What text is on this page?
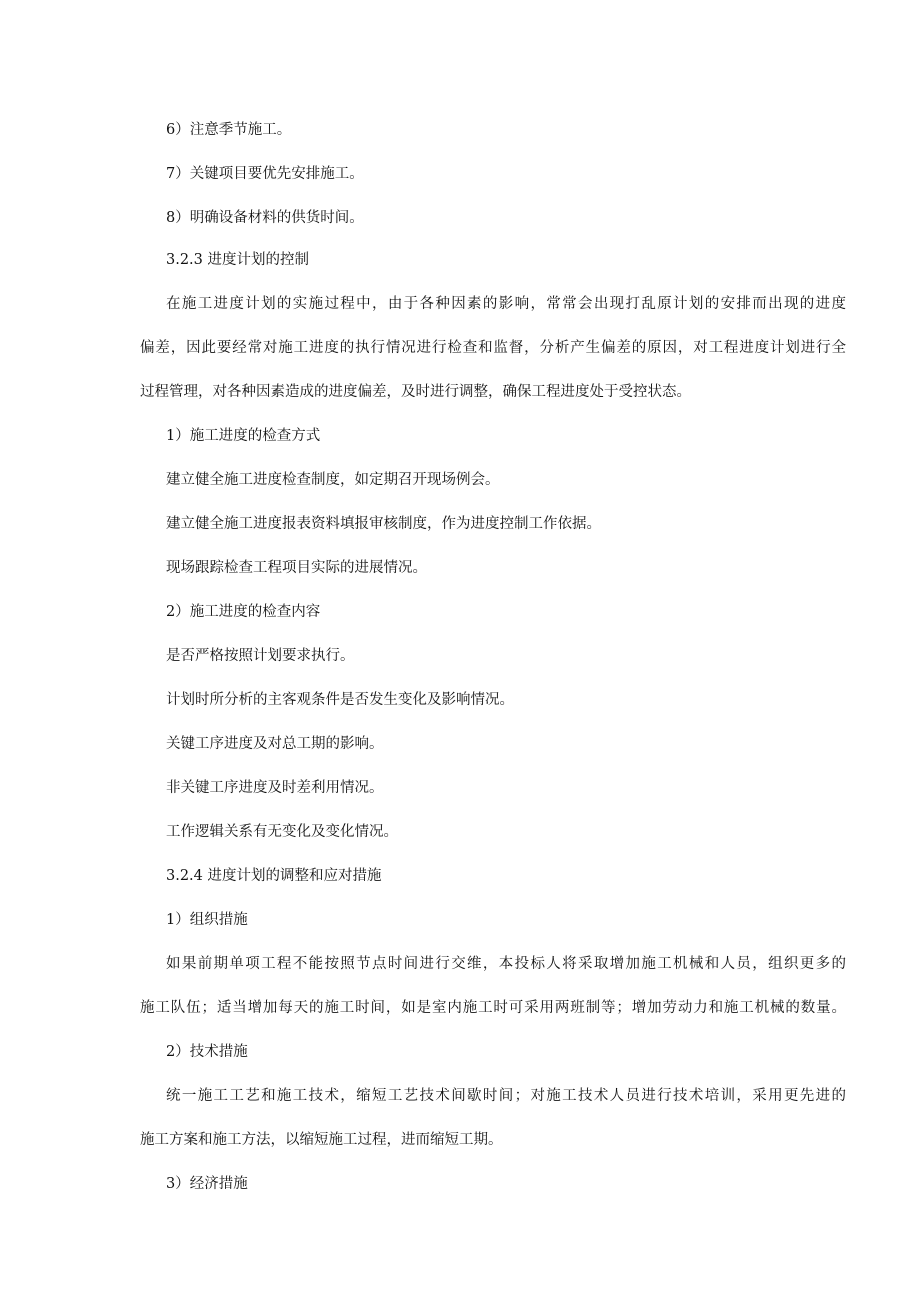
6）注意季节施工。
7）关键项目要优先安排施工。
8）明确设备材料的供货时间。
3.2.3 进度计划的控制
在施工进度计划的实施过程中，由于各种因素的影响，常常会出现打乱原计划的安排而出现的进度
偏差，因此要经常对施工进度的执行情况进行检查和监督，分析产生偏差的原因，对工程进度计划进行全
过程管理，对各种因素造成的进度偏差，及时进行调整，确保工程进度处于受控状态。
1）施工进度的检查方式
建立健全施工进度检查制度，如定期召开现场例会。
建立健全施工进度报表资料填报审核制度，作为进度控制工作依据。
现场跟踪检查工程项目实际的进展情况。
2）施工进度的检查内容
是否严格按照计划要求执行。
计划时所分析的主客观条件是否发生变化及影响情况。
关键工序进度及对总工期的影响。
非关键工序进度及时差利用情况。
工作逻辑关系有无变化及变化情况。
3.2.4 进度计划的调整和应对措施
1）组织措施
如果前期单项工程不能按照节点时间进行交维，本投标人将采取增加施工机械和人员，组织更多的
施工队伍；适当增加每天的施工时间，如是室内施工时可采用两班制等；增加劳动力和施工机械的数量。
2）技术措施
统一施工工艺和施工技术，缩短工艺技术间歇时间；对施工技术人员进行技术培训，采用更先进的
施工方案和施工方法，以缩短施工过程，进而缩短工期。
3）经济措施
